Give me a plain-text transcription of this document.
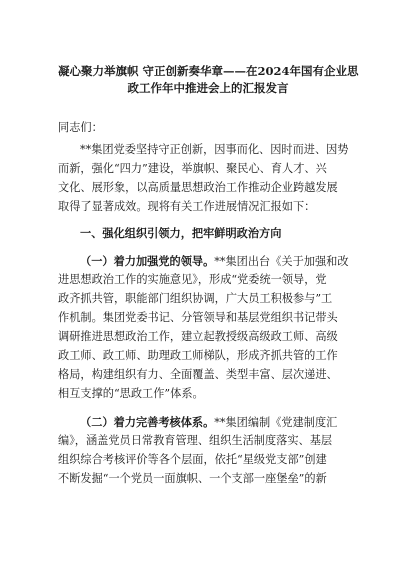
凝心聚力举旗帜 守正创新奏华章——在2024年国有企业思
政工作年中推进会上的汇报发言
同志们：
**集团党委坚持守正创新，因事而化、因时而进、因势
而新，强化“四力”建设，举旗帜、聚民心、育人才、兴
文化、展形象，以高质量思想政治工作推动企业跨越发展
取得了显著成效。现将有关工作进展情况汇报如下：
一、强化组织引领力，把牢鲜明政治方向
（一）着力加强党的领导。**集团出台《关于加强和改
进思想政治工作的实施意见》，形成“党委统一领导，党
政齐抓共管，职能部门组织协调，广大员工积极参与”工
作机制。集团党委书记、分管领导和基层党组织书记带头
调研推进思想政治工作，建立起教授级高级政工师、高级
政工师、政工师、助理政工师梯队，形成齐抓共管的工作
格局，构建组织有力、全面覆盖、类型丰富、层次递进、
相互支撑的“思政工作”体系。
（二）着力完善考核体系。**集团编制《党建制度汇
编》，涵盖党员日常教育管理、组织生活制度落实、基层
组织综合考核评价等各个层面，依托“星级党支部”创建
不断发掘“一个党员一面旗帜、一个支部一座堡垒”的新
